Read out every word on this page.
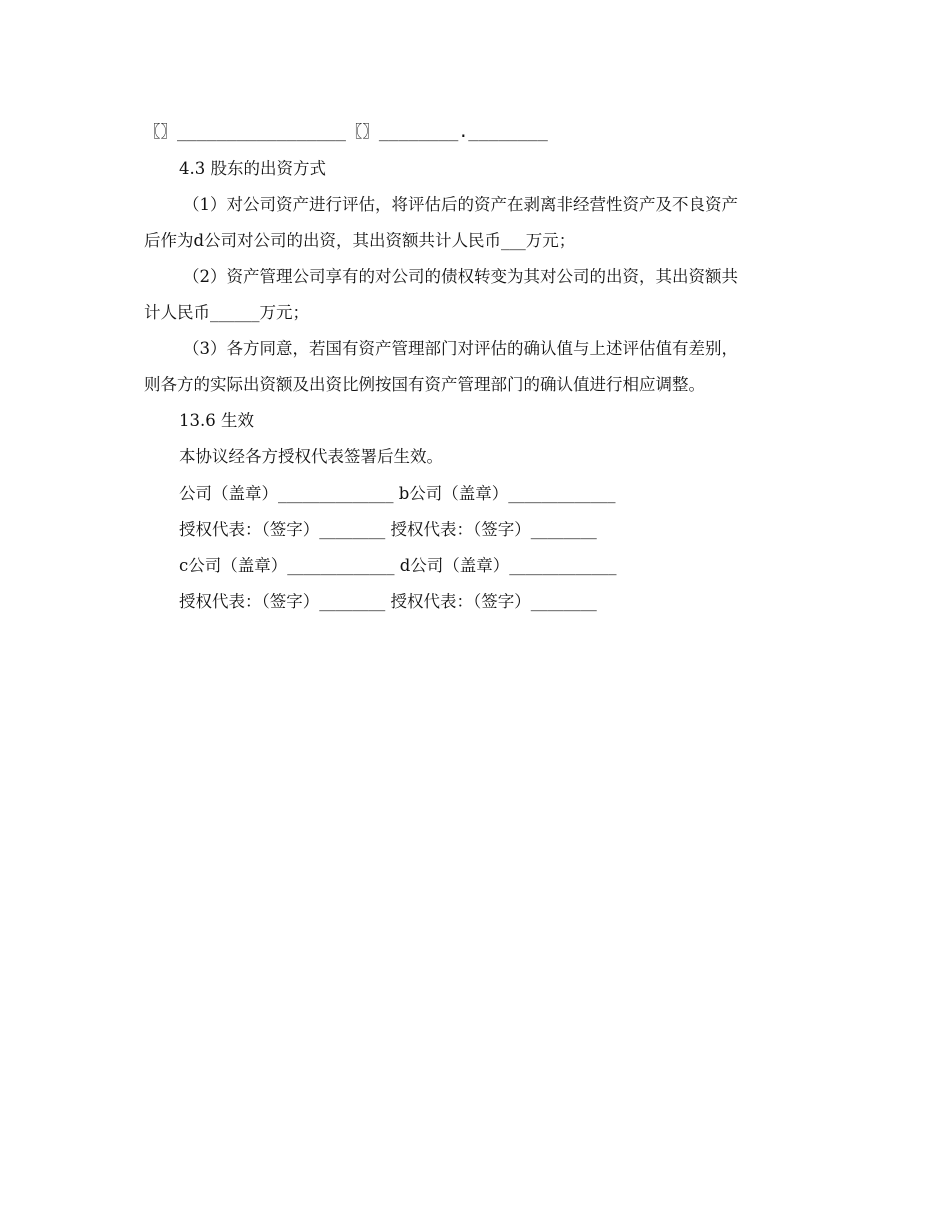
〖〗_________________〖〗________.________
4.3 股东的出资方式
（1）对公司资产进行评估，将评估后的资产在剥离非经营性资产及不良资产
后作为d公司对公司的出资，其出资额共计人民币___万元；
（2）资产管理公司享有的对公司的债权转变为其对公司的出资，其出资额共
计人民币______万元；
（3）各方同意，若国有资产管理部门对评估的确认值与上述评估值有差别，
则各方的实际出资额及出资比例按国有资产管理部门的确认值进行相应调整。
13.6 生效
本协议经各方授权代表签署后生效。
公司（盖章）______________ b公司（盖章）_____________
授权代表：（签字）________ 授权代表：（签字）________
c公司（盖章）_____________ d公司（盖章）_____________
授权代表：（签字）________ 授权代表：（签字）________
